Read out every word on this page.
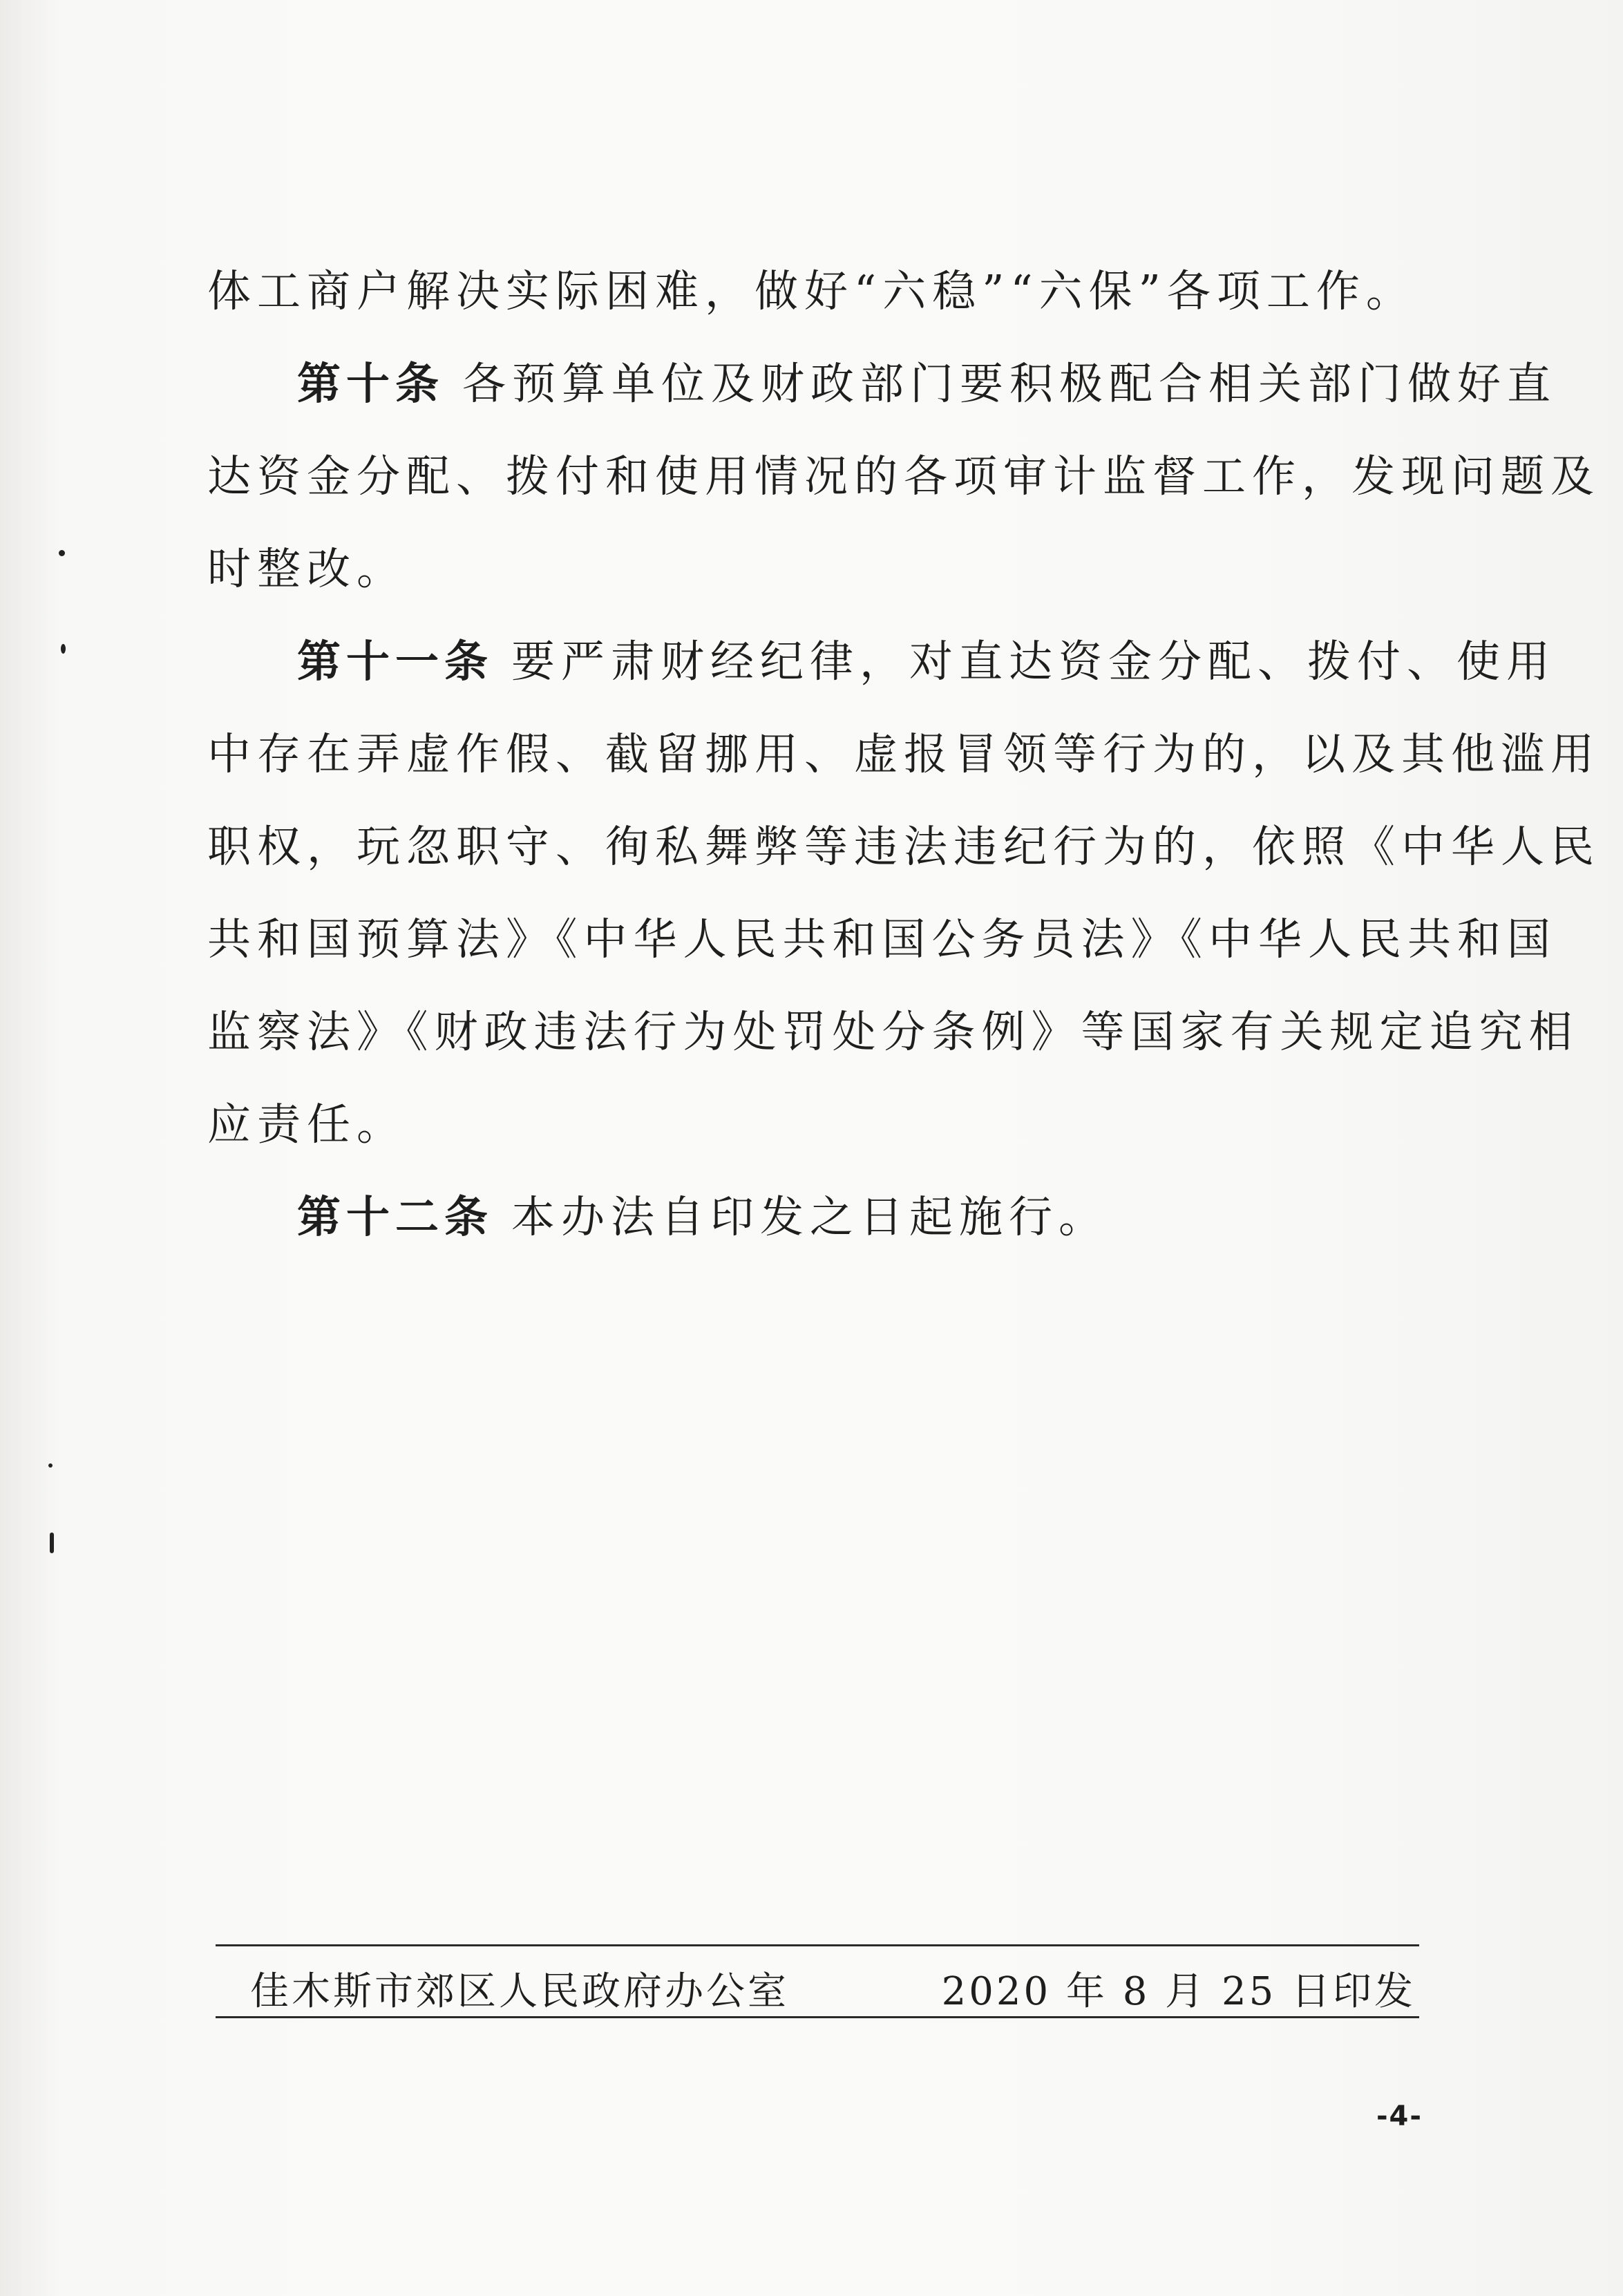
体工商户解决实际困难，做好“六稳”“六保”各项工作。
第十条 各预算单位及财政部门要积极配合相关部门做好直
达资金分配、拨付和使用情况的各项审计监督工作，发现问题及
时整改。
第十一条 要严肃财经纪律，对直达资金分配、拨付、使用
中存在弄虚作假、截留挪用、虚报冒领等行为的，以及其他滥用
职权，玩忽职守、徇私舞弊等违法违纪行为的，依照《中华人民
共和国预算法》《中华人民共和国公务员法》《中华人民共和国
监察法》《财政违法行为处罚处分条例》等国家有关规定追究相
应责任。
第十二条 本办法自印发之日起施行。
佳木斯市郊区人民政府办公室	2020 年 8 月 25 日印发
-4-
